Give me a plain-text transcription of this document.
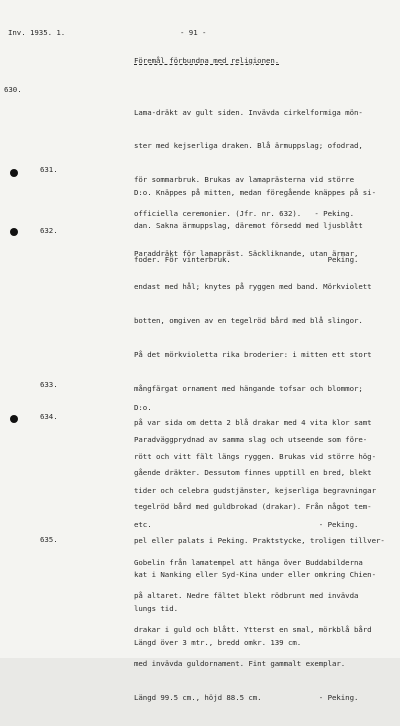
Inv. 1935. 1.	- 91 -
Föremål förbundna med religionen.
630.

Lama-dräkt av gult siden. Invävda cirkelformiga mön-

ster med kejserliga draken. Blå ärmuppslag; ofodrad,

för sommarbruk. Brukas av lamaprästerna vid större

officiella ceremonier. (Jfr. nr. 632).   - Peking.

631.

D:o. Knäppes på mitten, medan föregående knäppes på si-

dan. Sakna ärmuppslag, däremot försedd med ljusblått

foder. För vinterbruk.                      Peking.

632.

Paraddräkt för lamapräst. Säckliknande, utan ärmar,

endast med hål; knytes på ryggen med band. Mörkviolett

botten, omgiven av en tegelröd bård med blå slingor.

På det mörkvioletta rika broderier: i mitten ett stort

mångfärgat ornament med hängande tofsar och blommor;

på var sida om detta 2 blå drakar med 4 vita klor samt

rött och vitt fält längs ryggen. Brukas vid större hög-

tider och celebra gudstjänster, kejserliga begravningar

etc.                                      - Peking.

633.

D:o.

634.

Paradväggprydnad av samma slag och utseende som före-

gående dräkter. Dessutom finnes upptill en bred, blekt

tegelröd bård med guldbrokad (drakar). Från något tem-

pel eller palats i Peking. Praktstycke, troligen tillver-

kat i Nanking eller Syd-Kina under eller omkring Chien-

lungs tid.

Längd över 3 mtr., bredd omkr. 139 cm.

635.

Gobelin från lamatempel att hänga över Buddabilderna

på altaret. Nedre fältet blekt rödbrunt med invävda

drakar i guld och blått. Ytterst en smal, mörkblå bård

med invävda guldornament. Fint gammalt exemplar.

Längd 99.5 cm., höjd 88.5 cm.             - Peking.
